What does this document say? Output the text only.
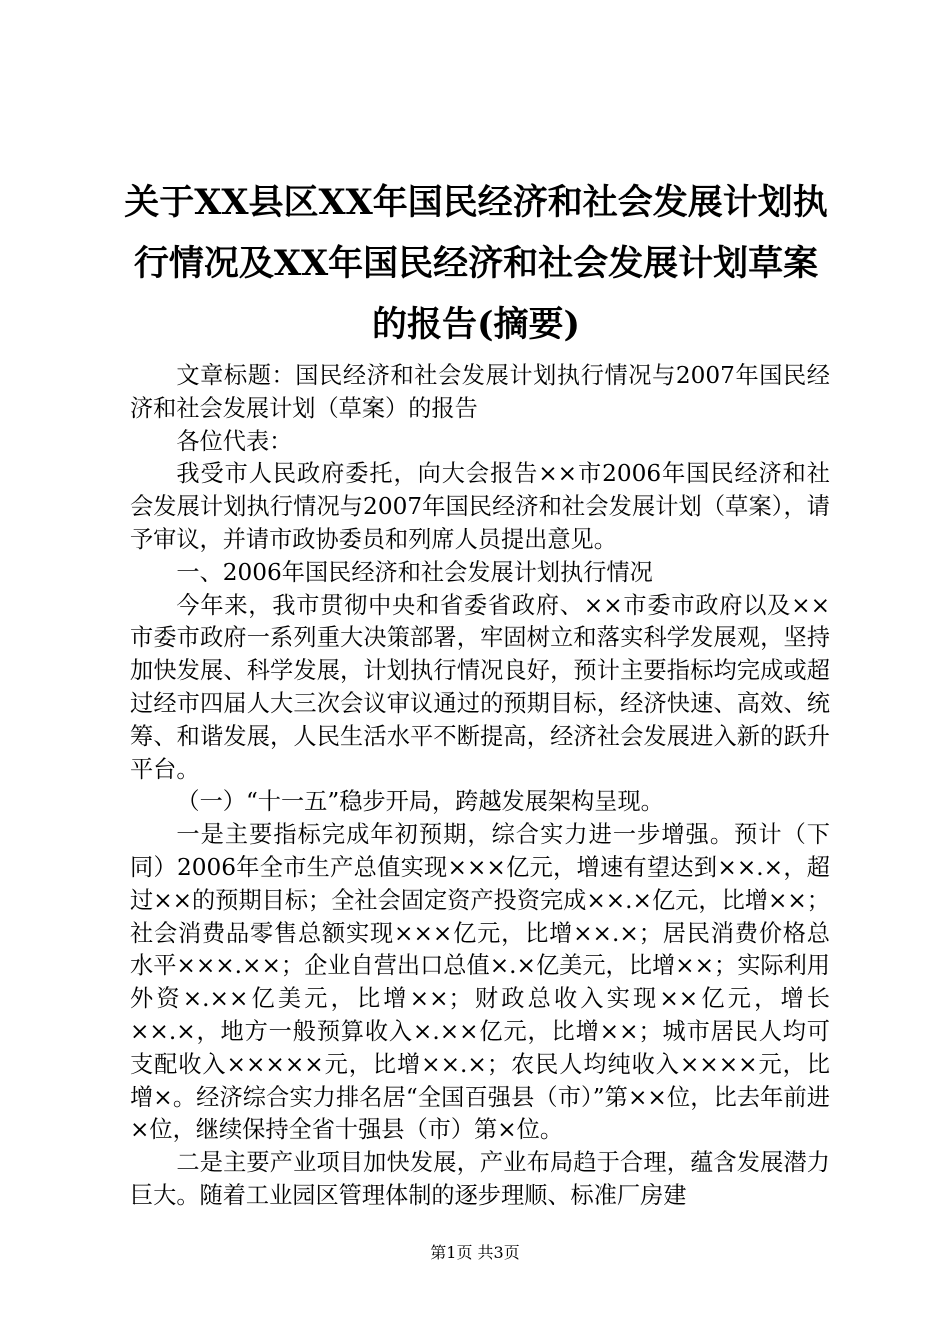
关于XX县区XX年国民经济和社会发展计划执
行情况及XX年国民经济和社会发展计划草案
的报告(摘要)

文章标题：国民经济和社会发展计划执行情况与2007年国民经济和社会发展计划（草案）的报告

各位代表：

我受市人民政府委托，向大会报告××市2006年国民经济和社会发展计划执行情况与2007年国民经济和社会发展计划（草案），请予审议，并请市政协委员和列席人员提出意见。

一、2006年国民经济和社会发展计划执行情况

今年来，我市贯彻中央和省委省政府、××市委市政府以及××市委市政府一系列重大决策部署，牢固树立和落实科学发展观，坚持加快发展、科学发展，计划执行情况良好，预计主要指标均完成或超过经市四届人大三次会议审议通过的预期目标，经济快速、高效、统筹、和谐发展，人民生活水平不断提高，经济社会发展进入新的跃升平台。

（一）“十一五”稳步开局，跨越发展架构呈现。

一是主要指标完成年初预期，综合实力进一步增强。预计（下同）2006年全市生产总值实现×××亿元，增速有望达到××.×，超过××的预期目标；全社会固定资产投资完成××.×亿元，比增××；社会消费品零售总额实现×××亿元，比增××.×；居民消费价格总水平×××.××；企业自营出口总值×.×亿美元，比增××；实际利用外资×.××亿美元，比增××；财政总收入实现××亿元，增长××.×，地方一般预算收入×.××亿元，比增××；城市居民人均可支配收入×××××元，比增××.×；农民人均纯收入××××元，比增×。经济综合实力排名居“全国百强县（市）”第××位，比去年前进×位，继续保持全省十强县（市）第×位。

二是主要产业项目加快发展，产业布局趋于合理，蕴含发展潜力巨大。随着工业园区管理体制的逐步理顺、标准厂房建

第1页 共3页
